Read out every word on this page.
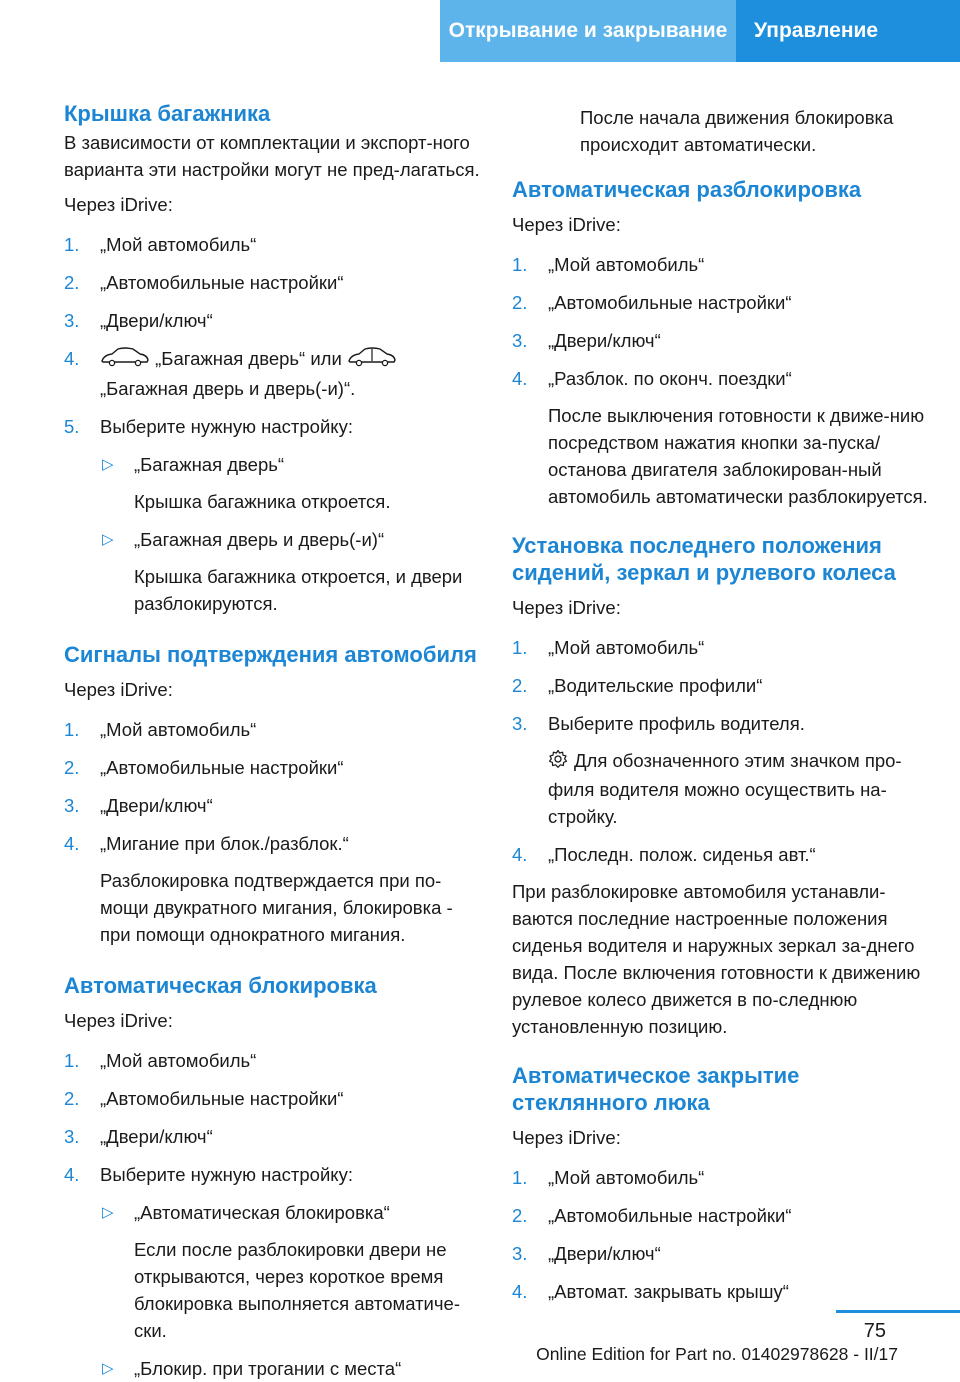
Открывание и закрывание Управление
Крышка багажника

В зависимости от комплектации и экспорт-ного варианта эти настройки могут не пред-лагаться.

Через iDrive:

1. „Мой автомобиль“
2. „Автомобильные настройки“
3. „Двери/ключ“
4.	„Багажная дверь“ или
„Багажная дверь и дверь(-и)“.
5. Выберите нужную настройку:
▷ „Багажная дверь“

Крышка багажника откроется.

▷ „Багажная дверь и дверь(-и)“

Крышка багажника откроется, и двери разблокируются.

Сигналы подтверждения автомобиля

Через iDrive:

1. „Мой автомобиль“
2. „Автомобильные настройки“
3. „Двери/ключ“
4. „Мигание при блок./разблок.“

Разблокировка подтверждается при по-мощи двукратного мигания, блокировка - при помощи однократного мигания.

Автоматическая блокировка

Через iDrive:

1. „Мой автомобиль“
2. „Автомобильные настройки“
3. „Двери/ключ“
4. Выберите нужную настройку:
▷ „Автоматическая блокировка“

Если после разблокировки двери не открываются, через короткое время блокировка выполняется автоматиче-ски.

▷ „Блокир. при трогании с места“

После начала движения блокировка происходит автоматически.

Автоматическая разблокировка

Через iDrive:

1. „Мой автомобиль“
2. „Автомобильные настройки“
3. „Двери/ключ“
4. „Разблок. по оконч. поездки“

После выключения готовности к движе-нию посредством нажатия кнопки за-пуска/останова двигателя заблокирован-ный автомобиль автоматически разблокируется.

Установка последнего положения сидений, зеркал и рулевого колеса

Через iDrive:

1. „Мой автомобиль“
2. „Водительские профили“
3. Выберите профиль водителя.

Для обозначенного этим значком про-филя водителя можно осуществить на-стройку.

4. „Последн. полож. сиденья авт.“

При разблокировке автомобиля устанавли-ваются последние настроенные положения сиденья водителя и наружных зеркал за-днего вида. После включения готовности к движению рулевое колесо движется в по-следнюю установленную позицию.

Автоматическое закрытие стеклянного люка

Через iDrive:

1. „Мой автомобиль“
2. „Автомобильные настройки“
3. „Двери/ключ“
4. „Автомат. закрывать крышу“
75
Online Edition for Part no. 01402978628 - II/17
